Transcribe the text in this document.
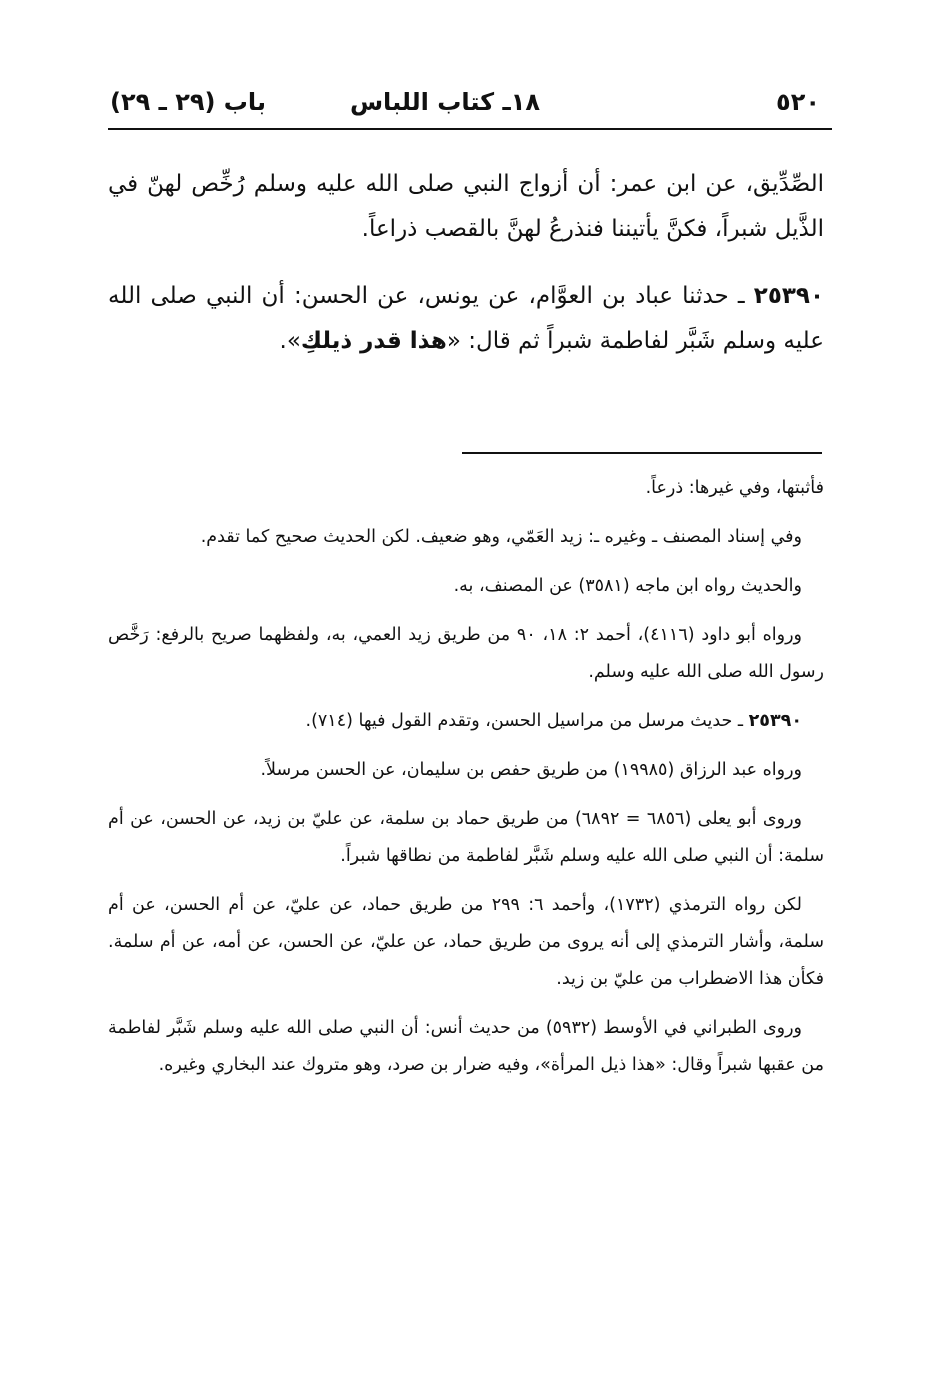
٥٢٠
١٨ـ كتاب اللباس
باب (٢٩ ـ ٢٩)

الصِّدِّيق، عن ابن عمر: أن أزواج النبي صلى الله عليه وسلم رُخِّص لهنّ في الذَّيل شبراً، فكنَّ يأتيننا فنذرعُ لهنَّ بالقصب ذراعاً.

٢٥٣٩٠ ـ حدثنا عباد بن العوَّام، عن يونس، عن الحسن: أن النبي صلى الله عليه وسلم شَبَّر لفاطمة شبراً ثم قال: «هذا قدر ذيلكِ».

فأثبتها، وفي غيرها: ذرعاً.

وفي إسناد المصنف ـ وغيره ـ: زيد العَمّي، وهو ضعيف. لكن الحديث صحيح كما تقدم.

والحديث رواه ابن ماجه (٣٥٨١) عن المصنف، به.

ورواه أبو داود (٤١١٦)، أحمد ٢: ١٨، ٩٠ من طريق زيد العمي، به، ولفظهما صريح بالرفع: رَخَّص رسول الله صلى الله عليه وسلم.

٢٥٣٩٠ ـ حديث مرسل من مراسيل الحسن، وتقدم القول فيها (٧١٤).

ورواه عبد الرزاق (١٩٩٨٥) من طريق حفص بن سليمان، عن الحسن مرسلاً.

وروى أبو يعلى (٦٨٥٦ = ٦٨٩٢) من طريق حماد بن سلمة، عن عليّ بن زيد، عن الحسن، عن أم سلمة: أن النبي صلى الله عليه وسلم شَبَّر لفاطمة من نطاقها شبراً.

لكن رواه الترمذي (١٧٣٢)، وأحمد ٦: ٢٩٩ من طريق حماد، عن عليّ، عن أم الحسن، عن أم سلمة، وأشار الترمذي إلى أنه يروى من طريق حماد، عن عليّ، عن الحسن، عن أمه، عن أم سلمة. فكأن هذا الاضطراب من عليّ بن زيد.

وروى الطبراني في الأوسط (٥٩٣٢) من حديث أنس: أن النبي صلى الله عليه وسلم شَبَّر لفاطمة من عقبها شبراً وقال: «هذا ذيل المرأة»، وفيه ضرار بن صرد، وهو متروك عند البخاري وغيره.
